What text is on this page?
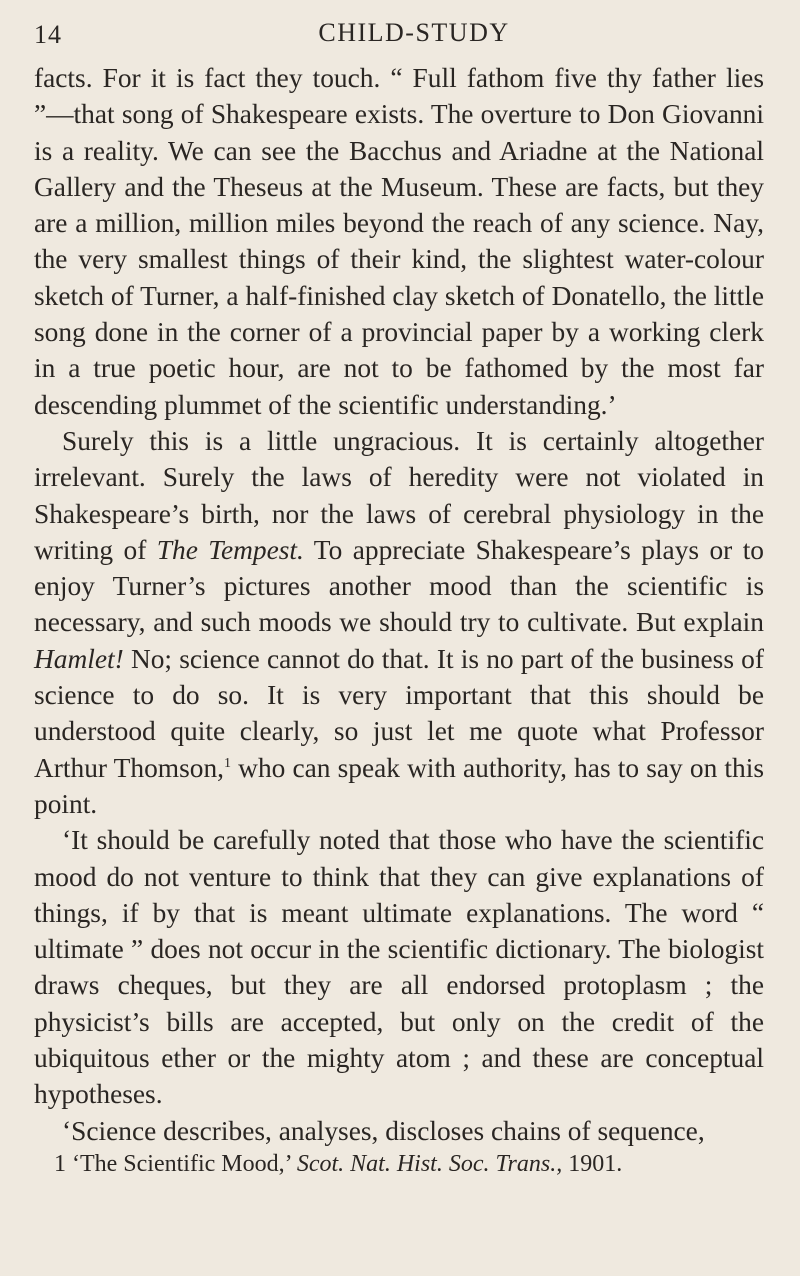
14	CHILD-STUDY

facts. For it is fact they touch. “ Full fathom five thy father lies ”—that song of Shakespeare exists. The overture to Don Giovanni is a reality. We can see the Bacchus and Ariadne at the National Gallery and the Theseus at the Museum. These are facts, but they are a million, million miles beyond the reach of any science. Nay, the very smallest things of their kind, the slightest water-colour sketch of Turner, a half-finished clay sketch of Donatello, the little song done in the corner of a provincial paper by a working clerk in a true poetic hour, are not to be fathomed by the most far descending plummet of the scientific understanding.’

Surely this is a little ungracious. It is certainly altogether irrelevant. Surely the laws of heredity were not violated in Shakespeare’s birth, nor the laws of cerebral physiology in the writing of The Tempest. To appreciate Shakespeare’s plays or to enjoy Turner’s pictures another mood than the scientific is necessary, and such moods we should try to cultivate. But explain Hamlet! No; science cannot do that. It is no part of the business of science to do so. It is very important that this should be understood quite clearly, so just let me quote what Professor Arthur Thomson,$^1$ who can speak with authority, has to say on this point.

‘It should be carefully noted that those who have the scientific mood do not venture to think that they can give explanations of things, if by that is meant ultimate explanations. The word “ ultimate ” does not occur in the scientific dictionary. The biologist draws cheques, but they are all endorsed protoplasm ; the physicist’s bills are accepted, but only on the credit of the ubiquitous ether or the mighty atom ; and these are conceptual hypotheses.

‘Science describes, analyses, discloses chains of sequence,

1 ‘The Scientific Mood,’ Scot. Nat. Hist. Soc. Trans., 1901.
